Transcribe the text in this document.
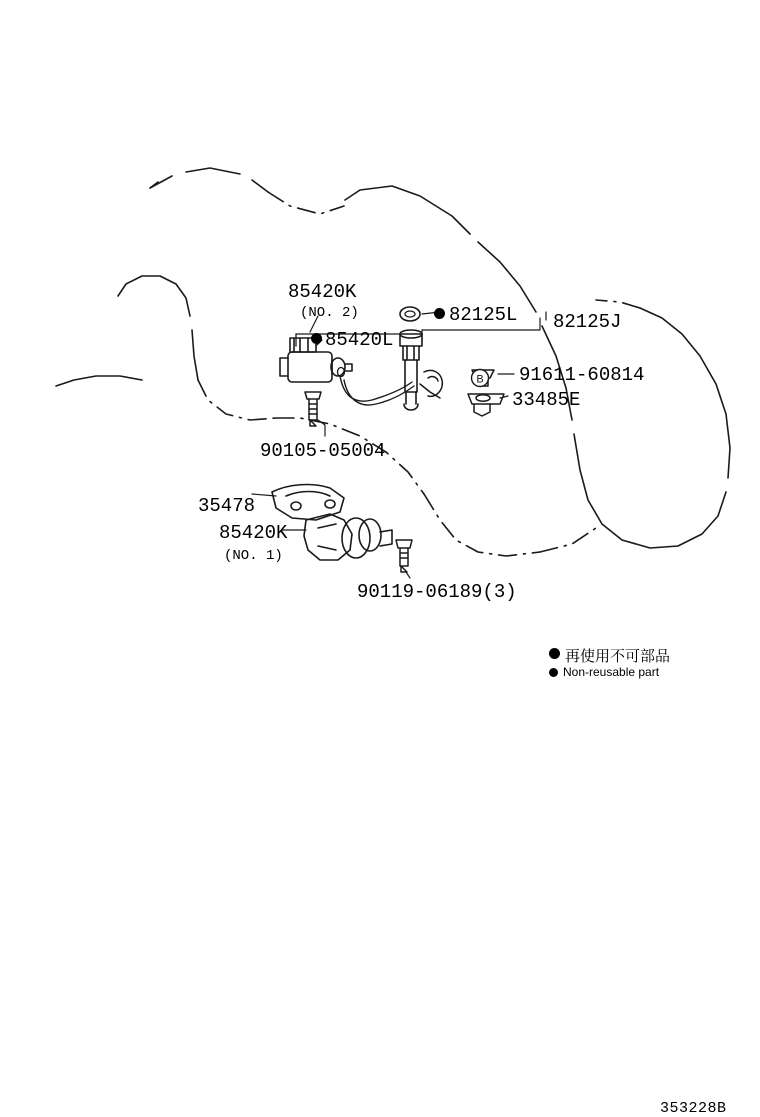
B
85420K
(NO. 2)
85420L
82125L 82125J
91611-60814
33485E
90105-05004
35478
85420K
(NO. 1)
90119-06189(3)
再使用不可部品
Non-reusable part
353228B
